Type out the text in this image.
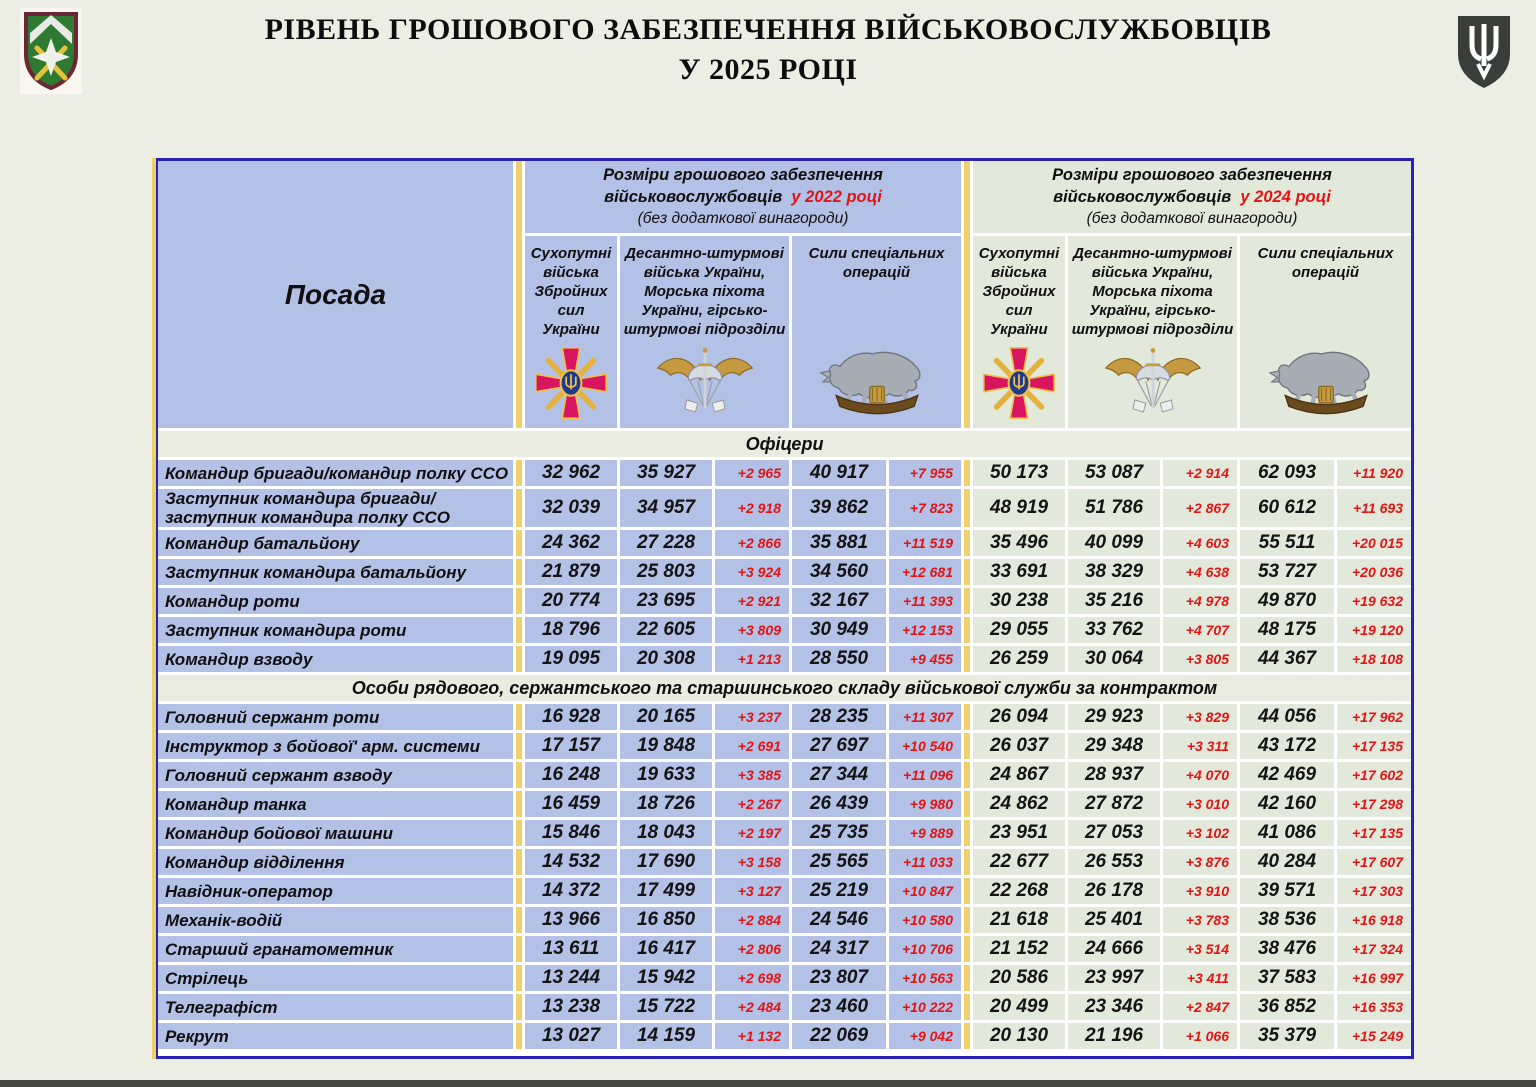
РІВЕНЬ ГРОШОВОГО ЗАБЕЗПЕЧЕННЯ ВІЙСЬКОВОСЛУЖБОВЦІВ
У 2025 РОЦІ
Посада
Розміри грошового забезпечення
військовослужбовців у 2022 році
(без додаткової винагороди)
Розміри грошового забезпечення
військовослужбовців у 2024 році
(без додаткової винагороди)
Сухопутні війська Збройних сил України
Десантно-штурмові війська України, Морська піхота України, гірсько-штурмові підрозділи
Сили спеціальних операцій
Сухопутні війська Збройних сил України
Десантно-штурмові війська України, Морська піхота України, гірсько-штурмові підрозділи
Сили спеціальних операцій
Офіцери
Командир бригади/командир полку ССО	32 962	35 927	+2 965	40 917	+7 955	50 173	53 087	+2 914	62 093	+11 920
Заступник командира бригади/ заступник командира полку ССО	32 039	34 957	+2 918	39 862	+7 823	48 919	51 786	+2 867	60 612	+11 693
Командир батальйону	24 362	27 228	+2 866	35 881	+11 519	35 496	40 099	+4 603	55 511	+20 015
Заступник командира батальйону	21 879	25 803	+3 924	34 560	+12 681	33 691	38 329	+4 638	53 727	+20 036
Командир роти	20 774	23 695	+2 921	32 167	+11 393	30 238	35 216	+4 978	49 870	+19 632
Заступник командира роти	18 796	22 605	+3 809	30 949	+12 153	29 055	33 762	+4 707	48 175	+19 120
Командир взводу	19 095	20 308	+1 213	28 550	+9 455	26 259	30 064	+3 805	44 367	+18 108
Особи рядового, сержантського та старшинського складу військової служби за контрактом
Головний сержант роти	16 928	20 165	+3 237	28 235	+11 307	26 094	29 923	+3 829	44 056	+17 962
Інструктор з бойової' арм. системи	17 157	19 848	+2 691	27 697	+10 540	26 037	29 348	+3 311	43 172	+17 135
Головний сержант взводу	16 248	19 633	+3 385	27 344	+11 096	24 867	28 937	+4 070	42 469	+17 602
Командир танка	16 459	18 726	+2 267	26 439	+9 980	24 862	27 872	+3 010	42 160	+17 298
Командир бойової машини	15 846	18 043	+2 197	25 735	+9 889	23 951	27 053	+3 102	41 086	+17 135
Командир відділення	14 532	17 690	+3 158	25 565	+11 033	22 677	26 553	+3 876	40 284	+17 607
Навідник-оператор	14 372	17 499	+3 127	25 219	+10 847	22 268	26 178	+3 910	39 571	+17 303
Механік-водій	13 966	16 850	+2 884	24 546	+10 580	21 618	25 401	+3 783	38 536	+16 918
Старший гранатометник	13 611	16 417	+2 806	24 317	+10 706	21 152	24 666	+3 514	38 476	+17 324
Стрілець	13 244	15 942	+2 698	23 807	+10 563	20 586	23 997	+3 411	37 583	+16 997
Телеграфіст	13 238	15 722	+2 484	23 460	+10 222	20 499	23 346	+2 847	36 852	+16 353
Рекрут	13 027	14 159	+1 132	22 069	+9 042	20 130	21 196	+1 066	35 379	+15 249
